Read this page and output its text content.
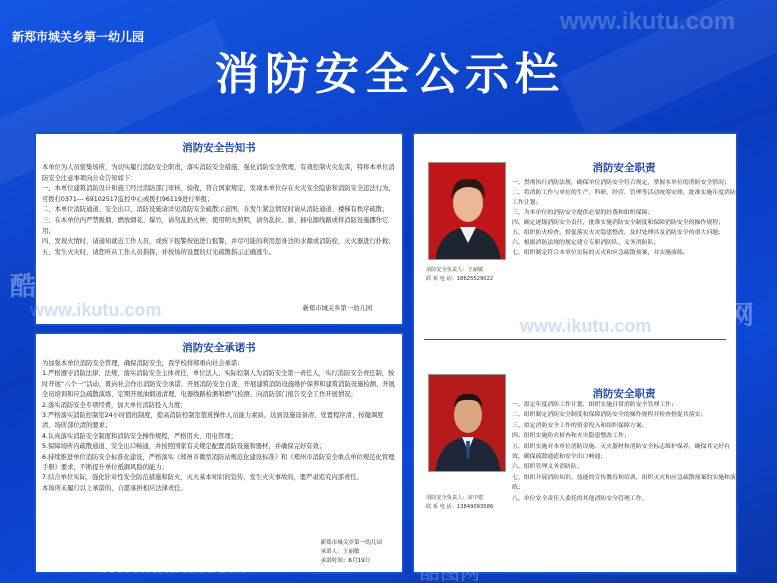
新郑市城关乡第一幼儿园
消防安全公示栏
消防安全告知书

本单位为人员密集场所，为切实履行消防安全职责，落实消防安全措施，强化消防安全管理，有效控制火灾危害，特将本单位消防安全注意事项向公众告知如下：

一、本单位建筑消防设计和施工经过消防部门审核、验收，符合国家规定，发现本单位存在火灾安全隐患和消防安全违法行为，可拨打0371--- 69102517监控中心或拨打96119进行举报；

二、本单位消防通道、安全出口、消防设施请洋见消防安全疏散示意图，在发生紧急情况时请从消防通道、楼梯有秩序疏散；

三、在本单位内严禁吸烟、燃放烟花、爆竹，请勿乱扔火种，使用明火照明，请勿乱拉、拔、插电源线路或将消防设施挪作它用；

四、发现火情时，请通知就近工作人员，或按下报警按钮进行报警，并尽可能的利用您身边的水源或消防栓，灭火器进行扑救；

五、发生火灾时，请您听从工作人员指挥，并按场所设置的灯光疏散指示正确逃生。

新郑市城关乡第一幼儿园
消防安全承诺书

为加强本单位消防安全管理，确保消防安全，我学校将郑重向社会承诺：

1.严格遵守消防法律、法规，落实消防安全主体责任，单位法人、实际控制人为消防安全第一责任人，实行消防安全责任制，按时开展“六个一”活动，既向社会作出消防安全承诺、开展消防安全自查、开展建筑消防设施维护保养和建筑消防设施检测、开展全员培训和应急疏散演练、定期开展油烟道清理、电器线路检测和燃气检测、向消防部门报告安全工作开展情况；

2.落实消防安全专项经费，加大单位消防投入力度；

3.严格落实消防控制室24小时值班制度，提高消防控制室值班操作人员能力素质，达到设施设备清、处置程序清、按键调度清、场所部位清的要求；

4.认真落实消防安全制度和消防安全操作规程，严格用火、用电管理；

5.保障场所内疏散通道、安全出口畅通，并按照国家有关规定配置消防设施和器材，并确保完好有效；

6.持续推进单位消防安全标准化建设，严格落实《郑州市微型消防站规范化建设标准》和《郑州市消防安全重点单位规范化管理手册》要求，不断提升单位抵御风险的能力；

7.结合单位实际，强化针对性安全防范措施和防火，灭火基本知识的宣传，发生火灾事故的，要严肃追究内部责任。

本场所未履行以上承诺的，自愿承担相应法律责任。

新郑市城关乡第一幼儿园
承诺人：王丽敏
承诺时间：6月19日
消防安全负责人：王丽敏
联 系 电 话：18625529022
消防安全职责

一、贯彻执行消防法规，确保单位消防安全符合规定，掌握本单位的消防安全情况；

二、将消防工作与单位的生产、科研、经营、管理等活动统筹安排，批准实施年度消防工作计划；

三、为本单位的消防安全提供必要的经费和组织保障；

四、确定逐级消防安全责任，批准实施消防安全制度和保障消防安全的操作规程；

五、组织防火检查，督促落实火灾隐患整改，及时处理涉及消防安全的重大问题；

六、根据消防法规的规定建立专职消防队、义务消防队；

七、组织制定符合本单位实际的灭火和应急疏散预案，并实施演练。

消防安全负责人：宋中建
联 系 电 话：13849093586
消防安全职责

一、拟定年度消防工作计划，组织实施日常消防安全管理工作；

二、组织制定消防安全制度和保障消防安全的操作规程并检查督促其落实；

三、拟定消防安全工作的资金投入和组织保障方案；

四、组织实施防火检查和火灾隐患整改工作；

五、组织实施对本单位消防设施、灭火器材和消防安全标志维护保养，确保其完好有效，确保疏散通道和安全出口畅通；

六、组织管理义务消防队；

七、组织开展消防知识、技能的宣传教育和培训，组织灭火和应急疏散预案的实施和演练；

八、单位安全责任人委托的其他消防安全管理工作。

www.ikutu.com
酷图网
www.ikutu.com	酷图网
www.ikutu.com
www.ikutu.com	酷图网
